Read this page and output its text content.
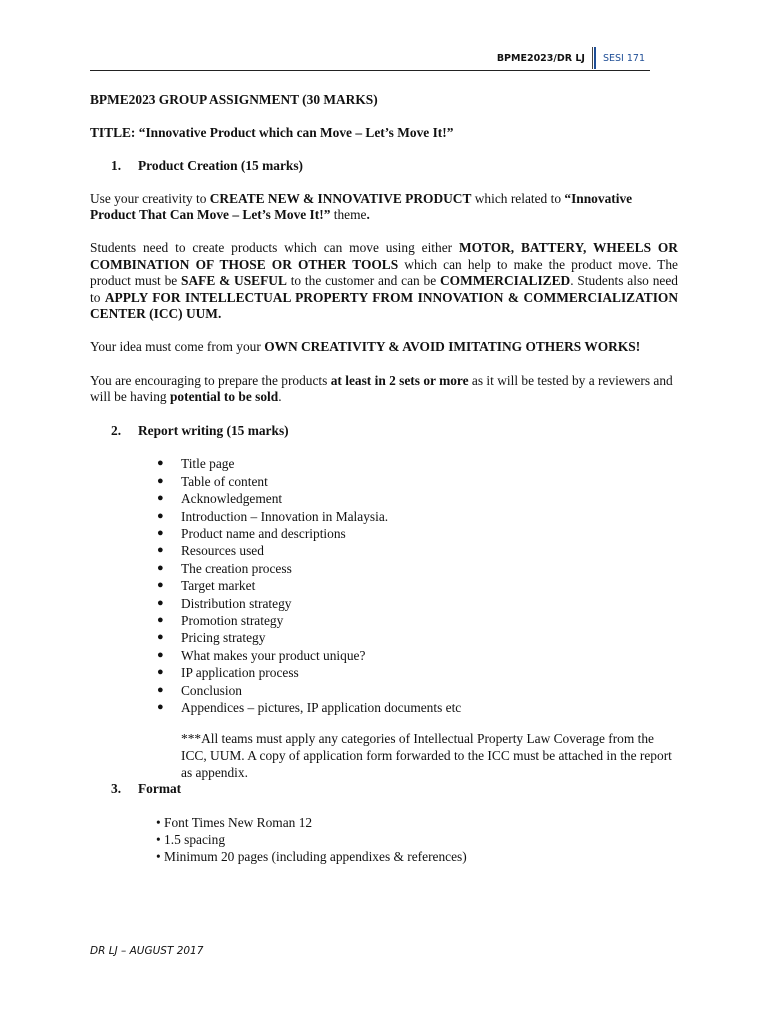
BPME2023/DR LJ	SESI 171

BPME2023 GROUP ASSIGNMENT (30 MARKS)

TITLE: “Innovative Product which can Move – Let’s Move It!”

1. Product Creation (15 marks)

Use your creativity to CREATE NEW & INNOVATIVE PRODUCT which related to “Innovative Product That Can Move – Let’s Move It!” theme.

Students need to create products which can move using either MOTOR, BATTERY, WHEELS OR COMBINATION OF THOSE OR OTHER TOOLS which can help to make the product move. The product must be SAFE & USEFUL to the customer and can be COMMERCIALIZED. Students also need to APPLY FOR INTELLECTUAL PROPERTY FROM INNOVATION & COMMERCIALIZATION CENTER (ICC) UUM.

Your idea must come from your OWN CREATIVITY & AVOID IMITATING OTHERS WORKS!

You are encouraging to prepare the products at least in 2 sets or more as it will be tested by a reviewers and will be having potential to be sold.

2. Report writing (15 marks)

● Title page
● Table of content
● Acknowledgement
● Introduction – Innovation in Malaysia.
● Product name and descriptions
● Resources used
● The creation process
● Target market
● Distribution strategy
● Promotion strategy
● Pricing strategy
● What makes your product unique?
● IP application process
● Conclusion
● Appendices – pictures, IP application documents etc

***All teams must apply any categories of Intellectual Property Law Coverage from the ICC, UUM. A copy of application form forwarded to the ICC must be attached in the report as appendix.

3. Format

• Font Times New Roman 12
• 1.5 spacing
• Minimum 20 pages (including appendixes & references)
DR LJ – AUGUST 2017
